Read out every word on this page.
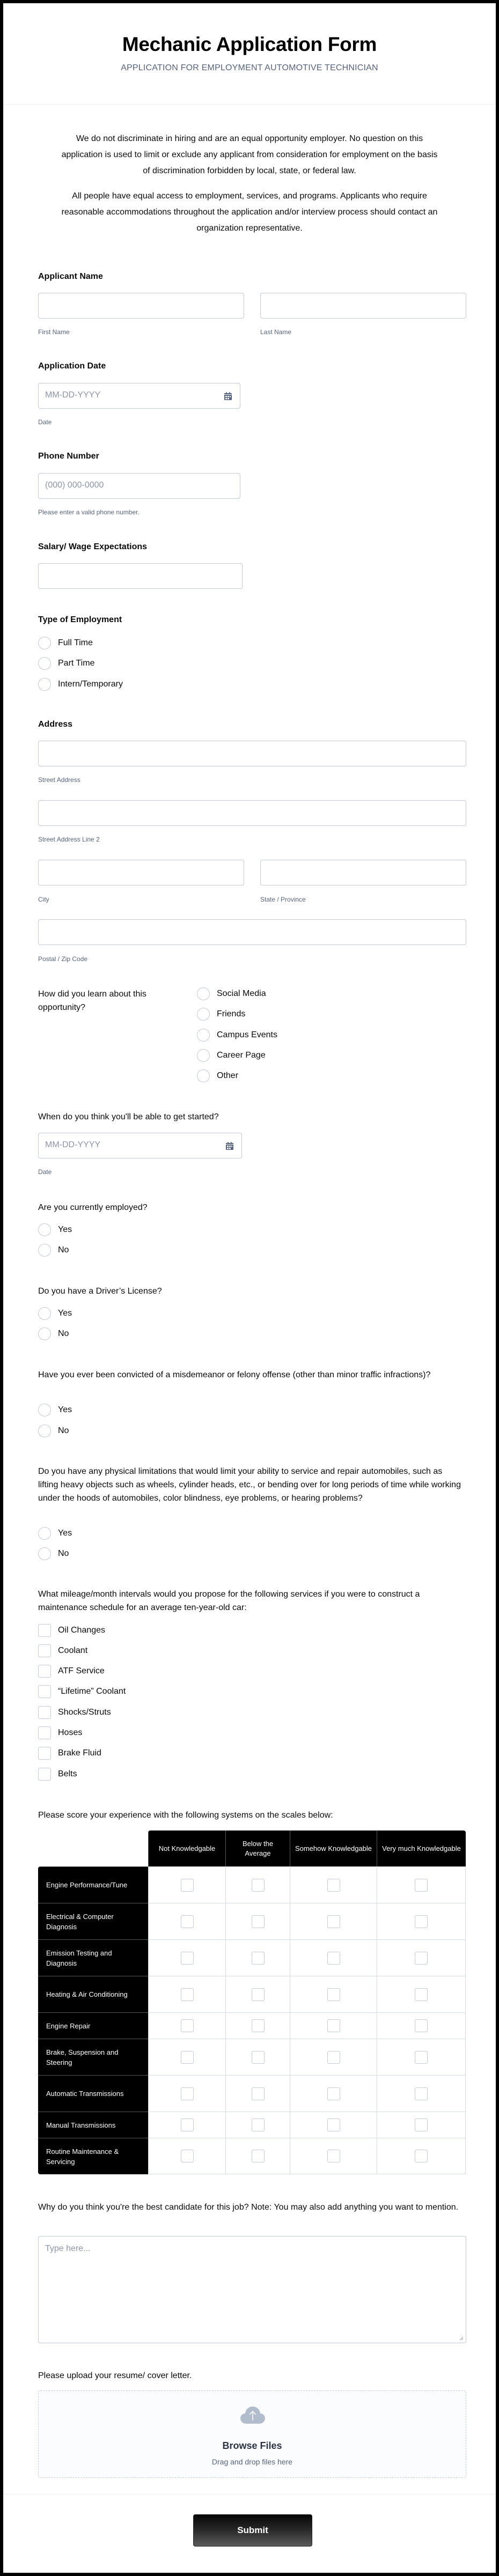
Mechanic Application Form
APPLICATION FOR EMPLOYMENT AUTOMOTIVE TECHNICIAN

We do not discriminate in hiring and are an equal opportunity employer. No question on this application is used to limit or exclude any applicant from consideration for employment on the basis of discrimination forbidden by local, state, or federal law.

All people have equal access to employment, services, and programs. Applicants who require reasonable accommodations throughout the application and/or interview process should contact an organization representative.

Applicant Name
First Name	Last Name
Application Date
MM-DD-YYYY
Date
Phone Number
(000) 000-0000
Please enter a valid phone number.
Salary/ Wage Expectations
Type of Employment
Full Time
Part Time
Intern/Temporary
Address
Street Address
Street Address Line 2
City	State / Province
Postal / Zip Code
How did you learn about this opportunity?
Social Media
Friends
Campus Events
Career Page
Other
When do you think you'll be able to get started?
MM-DD-YYYY
Date
Are you currently employed?
Yes
No
Do you have a Driver’s License?
Yes
No
Have you ever been convicted of a misdemeanor or felony offense (other than minor traffic infractions)?
Yes
No
Do you have any physical limitations that would limit your ability to service and repair automobiles, such as lifting heavy objects such as wheels, cylinder heads, etc., or bending over for long periods of time while working under the hoods of automobiles, color blindness, eye problems, or hearing problems?
Yes
No
What mileage/month intervals would you propose for the following services if you were to construct a maintenance schedule for an average ten-year-old car:
Oil Changes
Coolant
ATF Service
“Lifetime” Coolant
Shocks/Struts
Hoses
Brake Fluid
Belts
Please score your experience with the following systems on the scales below:
	Not Knowledgable	Below the Average	Somehow Knowledgable	Very much Knowledgable
Engine Performance/Tune				
Electrical & Computer Diagnosis				
Emission Testing and Diagnosis				
Heating & Air Conditioning				
Engine Repair				
Brake, Suspension and Steering				
Automatic Transmissions				
Manual Transmissions				
Routine Maintenance & Servicing				
Why do you think you're the best candidate for this job? Note: You may also add anything you want to mention.
Type here...
Please upload your resume/ cover letter.
Browse Files
Drag and drop files here
Submit
